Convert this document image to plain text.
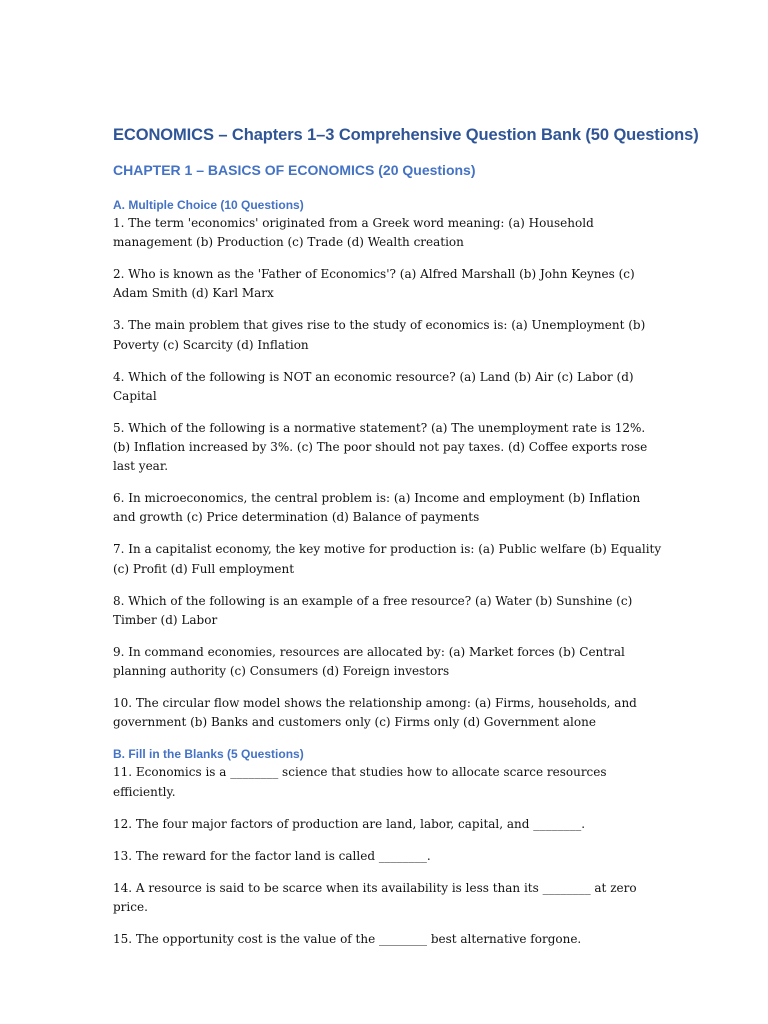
ECONOMICS – Chapters 1–3 Comprehensive Question Bank (50 Questions)
CHAPTER 1 – BASICS OF ECONOMICS (20 Questions)
A. Multiple Choice (10 Questions)

1. The term 'economics' originated from a Greek word meaning: (a) Household management (b) Production (c) Trade (d) Wealth creation

2. Who is known as the 'Father of Economics'? (a) Alfred Marshall (b) John Keynes (c) Adam Smith (d) Karl Marx

3. The main problem that gives rise to the study of economics is: (a) Unemployment (b) Poverty (c) Scarcity (d) Inflation

4. Which of the following is NOT an economic resource? (a) Land (b) Air (c) Labor (d) Capital

5. Which of the following is a normative statement? (a) The unemployment rate is 12%. (b) Inflation increased by 3%. (c) The poor should not pay taxes. (d) Coffee exports rose last year.

6. In microeconomics, the central problem is: (a) Income and employment (b) Inflation and growth (c) Price determination (d) Balance of payments

7. In a capitalist economy, the key motive for production is: (a) Public welfare (b) Equality (c) Profit (d) Full employment

8. Which of the following is an example of a free resource? (a) Water (b) Sunshine (c) Timber (d) Labor

9. In command economies, resources are allocated by: (a) Market forces (b) Central planning authority (c) Consumers (d) Foreign investors

10. The circular flow model shows the relationship among: (a) Firms, households, and government (b) Banks and customers only (c) Firms only (d) Government alone

B. Fill in the Blanks (5 Questions)

11. Economics is a ________ science that studies how to allocate scarce resources efficiently.

12. The four major factors of production are land, labor, capital, and ________.

13. The reward for the factor land is called ________.

14. A resource is said to be scarce when its availability is less than its ________ at zero price.

15. The opportunity cost is the value of the ________ best alternative forgone.
